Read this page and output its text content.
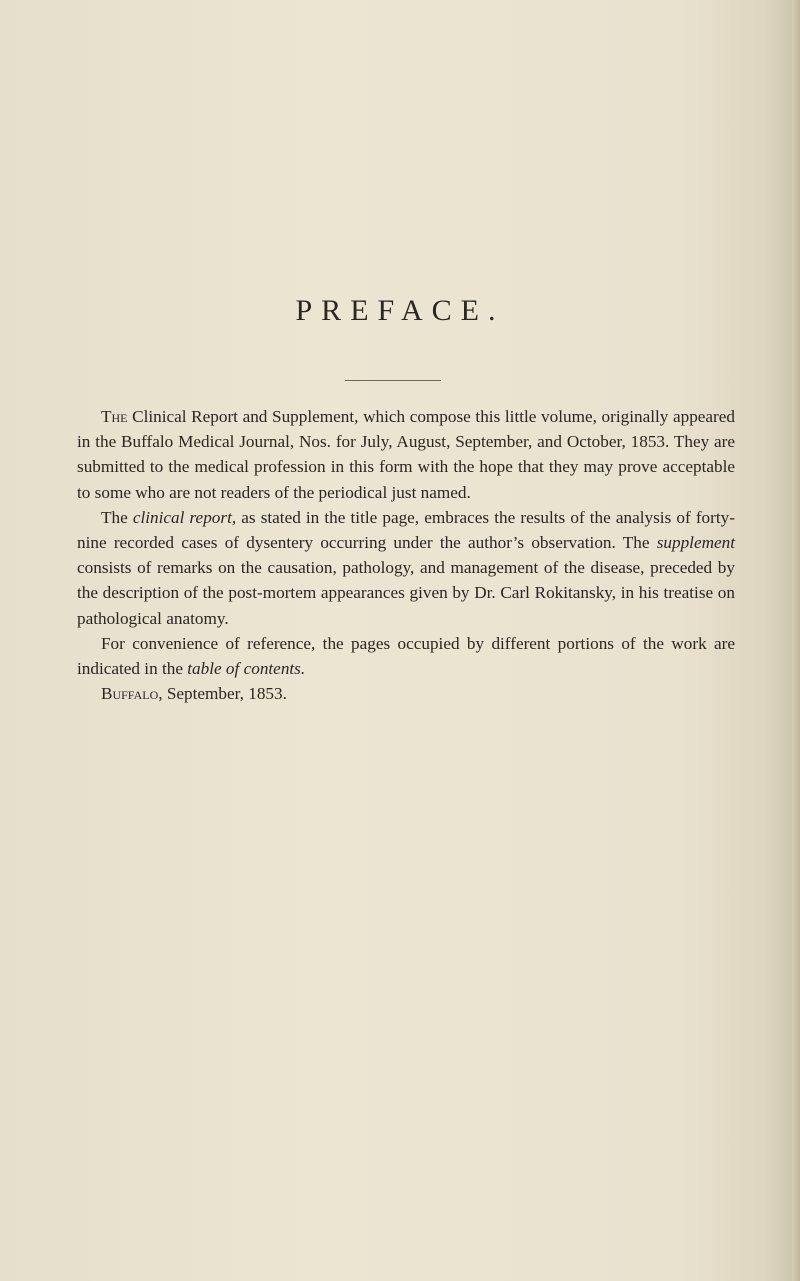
PREFACE.

The Clinical Report and Supplement, which compose this little volume, originally appeared in the Buffalo Medical Journal, Nos. for July, August, September, and October, 1853. They are submitted to the medical profession in this form with the hope that they may prove acceptable to some who are not readers of the periodical just named.

The clinical report, as stated in the title page, embraces the results of the analysis of forty-nine recorded cases of dysentery occurring under the author’s observation. The supplement consists of remarks on the causation, pathology, and management of the disease, preceded by the description of the post-mortem appearances given by Dr. Carl Rokitansky, in his treatise on pathological anatomy.

For convenience of reference, the pages occupied by different portions of the work are indicated in the table of contents.

Buffalo, September, 1853.
